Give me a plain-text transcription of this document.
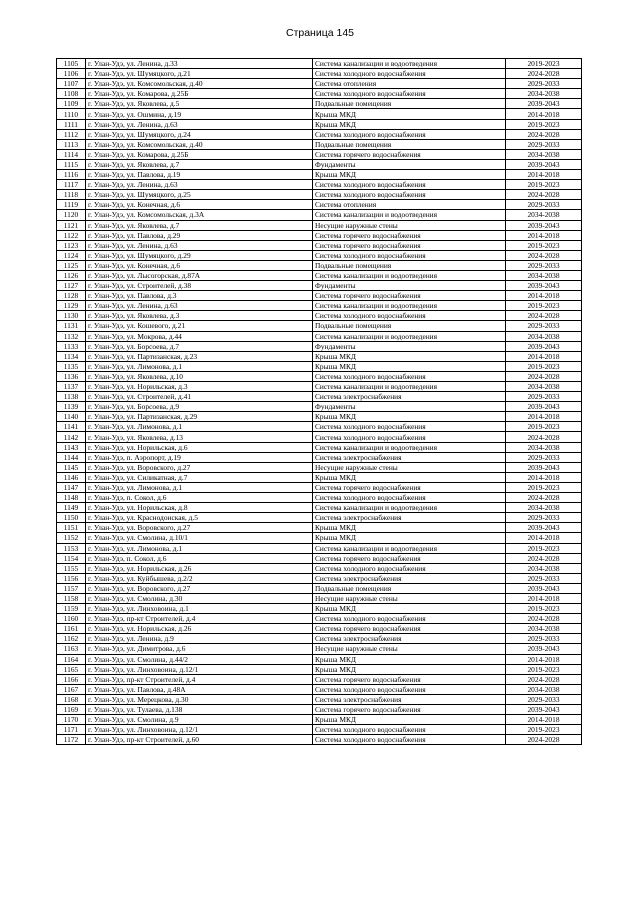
Страница 145
1105	г. Улан-Удэ, ул. Ленина, д.33	Система канализации и водоотведения	2019-2023
1106	г. Улан-Удэ, ул. Шумяцкого, д.21	Система холодного водоснабжения	2024-2028
1107	г. Улан-Удэ, ул. Комсомольская, д.40	Система отопления	2029-2033
1108	г. Улан-Удэ, ул. Комарова, д.25Б	Система холодного водоснабжения	2034-2038
1109	г. Улан-Удэ, ул. Яковлева, д.5	Подвальные помещения	2039-2043
1110	г. Улан-Удэ, ул. Ошмина, д.19	Крыша МКД	2014-2018
1111	г. Улан-Удэ, ул. Ленина, д.63	Крыша МКД	2019-2023
1112	г. Улан-Удэ, ул. Шумяцкого, д.24	Система холодного водоснабжения	2024-2028
1113	г. Улан-Удэ, ул. Комсомольская, д.40	Подвальные помещения	2029-2033
1114	г. Улан-Удэ, ул. Комарова, д.25Б	Система горячего водоснабжения	2034-2038
1115	г. Улан-Удэ, ул. Яковлева, д.7	Фундаменты	2039-2043
1116	г. Улан-Удэ, ул. Павлова, д.19	Крыша МКД	2014-2018
1117	г. Улан-Удэ, ул. Ленина, д.63	Система холодного водоснабжения	2019-2023
1118	г. Улан-Удэ, ул. Шумяцкого, д.25	Система холодного водоснабжения	2024-2028
1119	г. Улан-Удэ, ул. Конечная, д.6	Система отопления	2029-2033
1120	г. Улан-Удэ, ул. Комсомольская, д.3А	Система канализации и водоотведения	2034-2038
1121	г. Улан-Удэ, ул. Яковлева, д.7	Несущие наружные стены	2039-2043
1122	г. Улан-Удэ, ул. Павлова, д.29	Система горячего водоснабжения	2014-2018
1123	г. Улан-Удэ, ул. Ленина, д.63	Система горячего водоснабжения	2019-2023
1124	г. Улан-Удэ, ул. Шумяцкого, д.29	Система холодного водоснабжения	2024-2028
1125	г. Улан-Удэ, ул. Конечная, д.6	Подвальные помещения	2029-2033
1126	г. Улан-Удэ, ул. Лысогорская, д.87А	Система канализации и водоотведения	2034-2038
1127	г. Улан-Удэ, ул. Строителей, д.38	Фундаменты	2039-2043
1128	г. Улан-Удэ, ул. Павлова, д.3	Система горячего водоснабжения	2014-2018
1129	г. Улан-Удэ, ул. Ленина, д.63	Система канализации и водоотведения	2019-2023
1130	г. Улан-Удэ, ул. Яковлева, д.3	Система холодного водоснабжения	2024-2028
1131	г. Улан-Удэ, ул. Кошевого, д.21	Подвальные помещения	2029-2033
1132	г. Улан-Удэ, ул. Мокрова, д.44	Система канализации и водоотведения	2034-2038
1133	г. Улан-Удэ, ул. Борсоева, д.7	Фундаменты	2039-2043
1134	г. Улан-Удэ, ул. Партизанская, д.23	Крыша МКД	2014-2018
1135	г. Улан-Удэ, ул. Лимонова, д.1	Крыша МКД	2019-2023
1136	г. Улан-Удэ, ул. Яковлева, д.10	Система холодного водоснабжения	2024-2028
1137	г. Улан-Удэ, ул. Норильская, д.3	Система канализации и водоотведения	2034-2038
1138	г. Улан-Удэ, ул. Строителей, д.41	Система электроснабжения	2029-2033
1139	г. Улан-Удэ, ул. Борсоева, д.9	Фундаменты	2039-2043
1140	г. Улан-Удэ, ул. Партизанская, д.29	Крыша МКД	2014-2018
1141	г. Улан-Удэ, ул. Лимонова, д.1	Система холодного водоснабжения	2019-2023
1142	г. Улан-Удэ, ул. Яковлева, д.13	Система холодного водоснабжения	2024-2028
1143	г. Улан-Удэ, ул. Норильская, д.6	Система канализации и водоотведения	2034-2038
1144	г. Улан-Удэ, п. Аэропорт, д.19	Система электроснабжения	2029-2033
1145	г. Улан-Удэ, ул. Воровского, д.27	Несущие наружные стены	2039-2043
1146	г. Улан-Удэ, ул. Силикатная, д.7	Крыша МКД	2014-2018
1147	г. Улан-Удэ, ул. Лимонова, д.1	Система горячего водоснабжения	2019-2023
1148	г. Улан-Удэ, п. Сокол, д.6	Система холодного водоснабжения	2024-2028
1149	г. Улан-Удэ, ул. Норильская, д.8	Система канализации и водоотведения	2034-2038
1150	г. Улан-Удэ, ул. Краснодонская, д.5	Система электроснабжения	2029-2033
1151	г. Улан-Удэ, ул. Воровского, д.27	Крыша МКД	2039-2043
1152	г. Улан-Удэ, ул. Смолина, д.10/1	Крыша МКД	2014-2018
1153	г. Улан-Удэ, ул. Лимонова, д.1	Система канализации и водоотведения	2019-2023
1154	г. Улан-Удэ, п. Сокол, д.6	Система горячего водоснабжения	2024-2028
1155	г. Улан-Удэ, ул. Норильская, д.26	Система холодного водоснабжения	2034-2038
1156	г. Улан-Удэ, ул. Куйбышева, д.2/2	Система электроснабжения	2029-2033
1157	г. Улан-Удэ, ул. Воровского, д.27	Подвальные помещения	2039-2043
1158	г. Улан-Удэ, ул. Смолина, д.30	Несущие наружные стены	2014-2018
1159	г. Улан-Удэ, ул. Линховоина, д.1	Крыша МКД	2019-2023
1160	г. Улан-Удэ, пр-кт Строителей, д.4	Система холодного водоснабжения	2024-2028
1161	г. Улан-Удэ, ул. Норильская, д.26	Система горячего водоснабжения	2034-2038
1162	г. Улан-Удэ, ул. Ленина, д.9	Система электроснабжения	2029-2033
1163	г. Улан-Удэ, ул. Димитрова, д.6	Несущие наружные стены	2039-2043
1164	г. Улан-Удэ, ул. Смолина, д.44/2	Крыша МКД	2014-2018
1165	г. Улан-Удэ, ул. Линховоина, д.12/1	Крыша МКД	2019-2023
1166	г. Улан-Удэ, пр-кт Строителей, д.4	Система горячего водоснабжения	2024-2028
1167	г. Улан-Удэ, ул. Павлова, д.48А	Система холодного водоснабжения	2034-2038
1168	г. Улан-Удэ, ул. Мерецкова, д.30	Система электроснабжения	2029-2033
1169	г. Улан-Удэ, ул. Тулаева, д.138	Система горячего водоснабжения	2039-2043
1170	г. Улан-Удэ, ул. Смолина, д.9	Крыша МКД	2014-2018
1171	г. Улан-Удэ, ул. Линховоина, д.12/1	Система холодного водоснабжения	2019-2023
1172	г. Улан-Удэ, пр-кт Строителей, д.60	Система холодного водоснабжения	2024-2028
